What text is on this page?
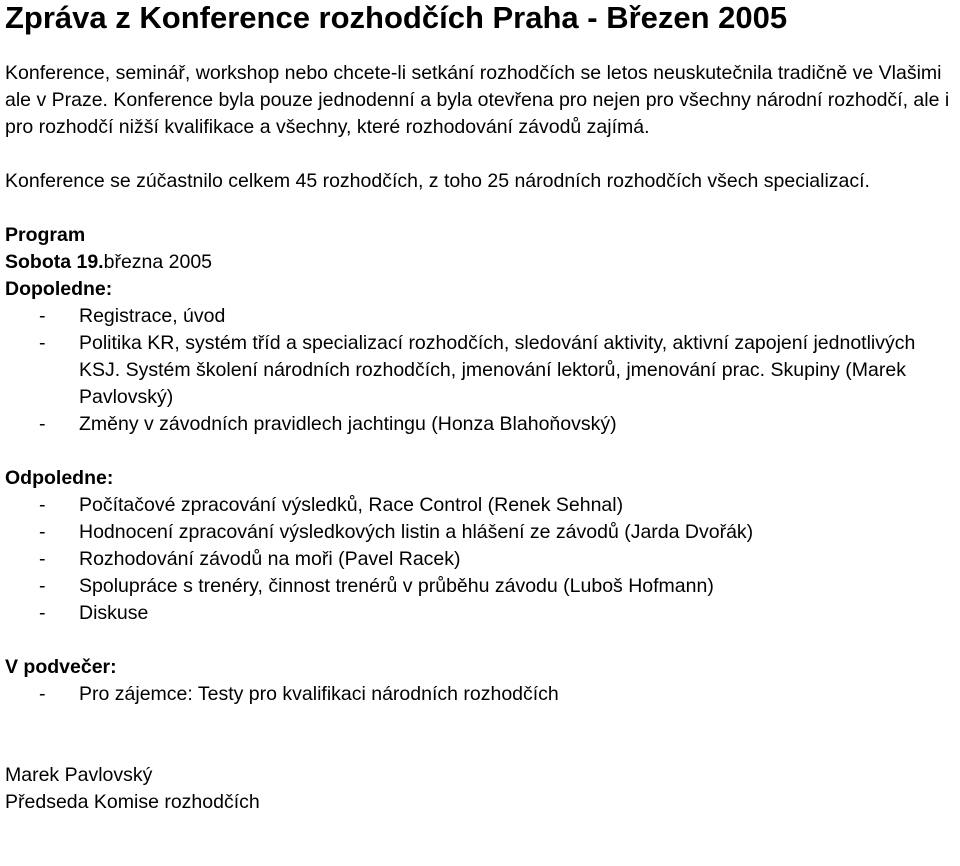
Zpráva z Konference rozhodčích Praha - Březen 2005

Konference, seminář, workshop nebo chcete-li setkání rozhodčích se letos neuskutečnila tradičně ve Vlašimi ale v Praze. Konference byla pouze jednodenní a byla otevřena pro nejen pro všechny národní rozhodčí, ale i pro rozhodčí nižší kvalifikace a všechny, které rozhodování závodů zajímá.

Konference se zúčastnilo celkem 45 rozhodčích, z toho 25 národních rozhodčích všech specializací.

Program
Sobota 19.března 2005
Dopoledne:
- Registrace, úvod
- Politika KR, systém tříd a specializací rozhodčích, sledování aktivity, aktivní zapojení jednotlivých KSJ. Systém školení národních rozhodčích, jmenování lektorů, jmenování prac. Skupiny (Marek Pavlovský)
- Změny v závodních pravidlech jachtingu (Honza Blahoňovský)
Odpoledne:
- Počítačové zpracování výsledků, Race Control (Renek Sehnal)
- Hodnocení zpracování výsledkových listin a hlášení ze závodů (Jarda Dvořák)
- Rozhodování závodů na moři (Pavel Racek)
- Spolupráce s trenéry, činnost trenérů v průběhu závodu (Luboš Hofmann)
- Diskuse
V podvečer:
- Pro zájemce: Testy pro kvalifikaci národních rozhodčích

Marek Pavlovský

Předseda Komise rozhodčích
